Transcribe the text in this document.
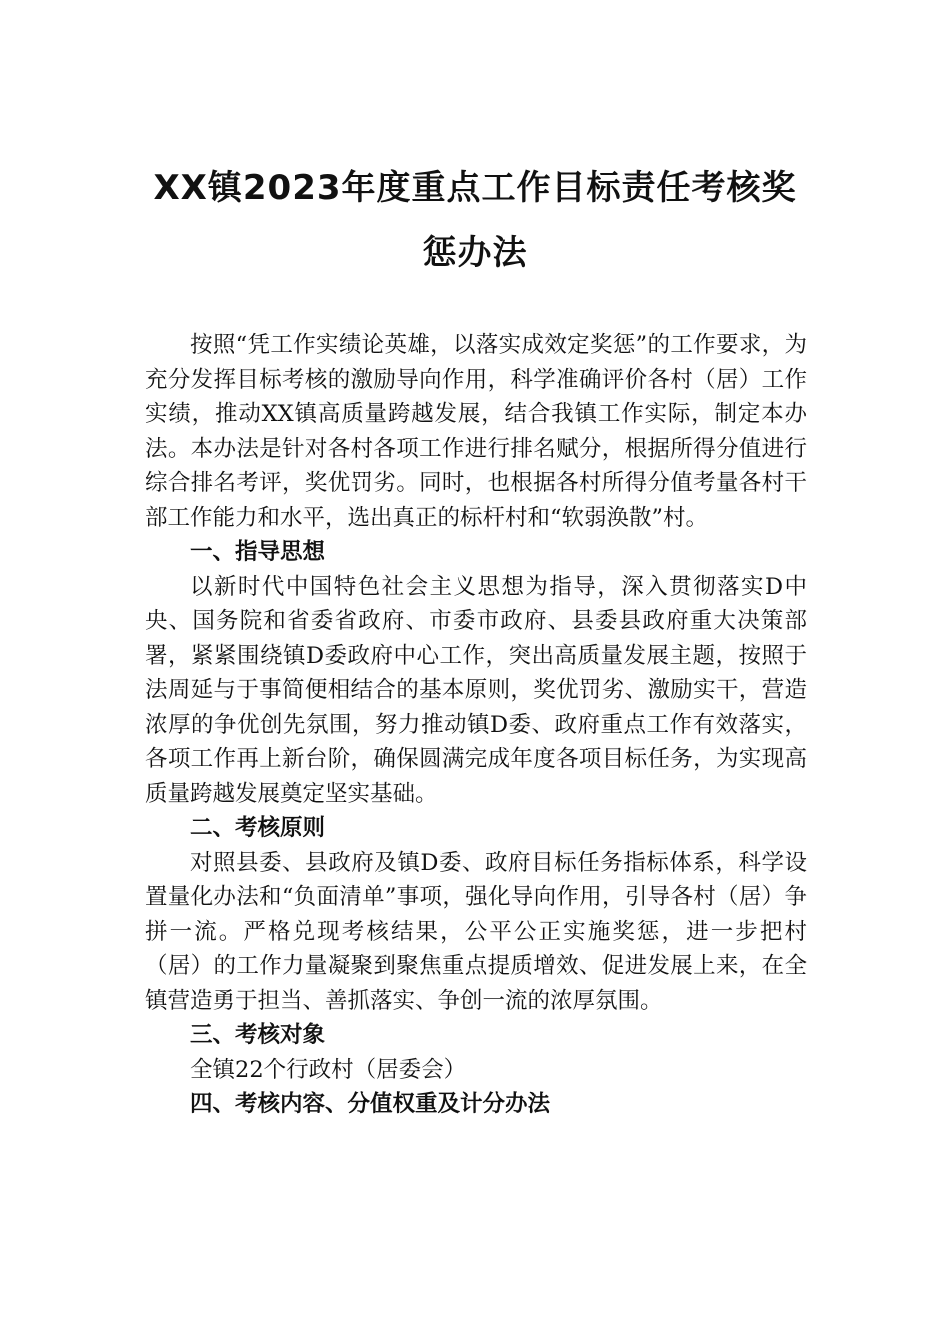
XX镇2023年度重点工作目标责任考核奖
惩办法

按照“凭工作实绩论英雄，以落实成效定奖惩”的工作要求，为充分发挥目标考核的激励导向作用，科学准确评价各村（居）工作实绩，推动XX镇高质量跨越发展，结合我镇工作实际，制定本办法。本办法是针对各村各项工作进行排名赋分，根据所得分值进行综合排名考评，奖优罚劣。同时，也根据各村所得分值考量各村干部工作能力和水平，选出真正的标杆村和“软弱涣散”村。

一、指导思想

以新时代中国特色社会主义思想为指导，深入贯彻落实D中央、国务院和省委省政府、市委市政府、县委县政府重大决策部署，紧紧围绕镇D委政府中心工作，突出高质量发展主题，按照于法周延与于事简便相结合的基本原则，奖优罚劣、激励实干，营造浓厚的争优创先氛围，努力推动镇D委、政府重点工作有效落实，各项工作再上新台阶，确保圆满完成年度各项目标任务，为实现高质量跨越发展奠定坚实基础。

二、考核原则

对照县委、县政府及镇D委、政府目标任务指标体系，科学设置量化办法和“负面清单”事项，强化导向作用，引导各村（居）争拼一流。严格兑现考核结果，公平公正实施奖惩，进一步把村（居）的工作力量凝聚到聚焦重点提质增效、促进发展上来，在全镇营造勇于担当、善抓落实、争创一流的浓厚氛围。

三、考核对象

全镇22个行政村（居委会）

四、考核内容、分值权重及计分办法
